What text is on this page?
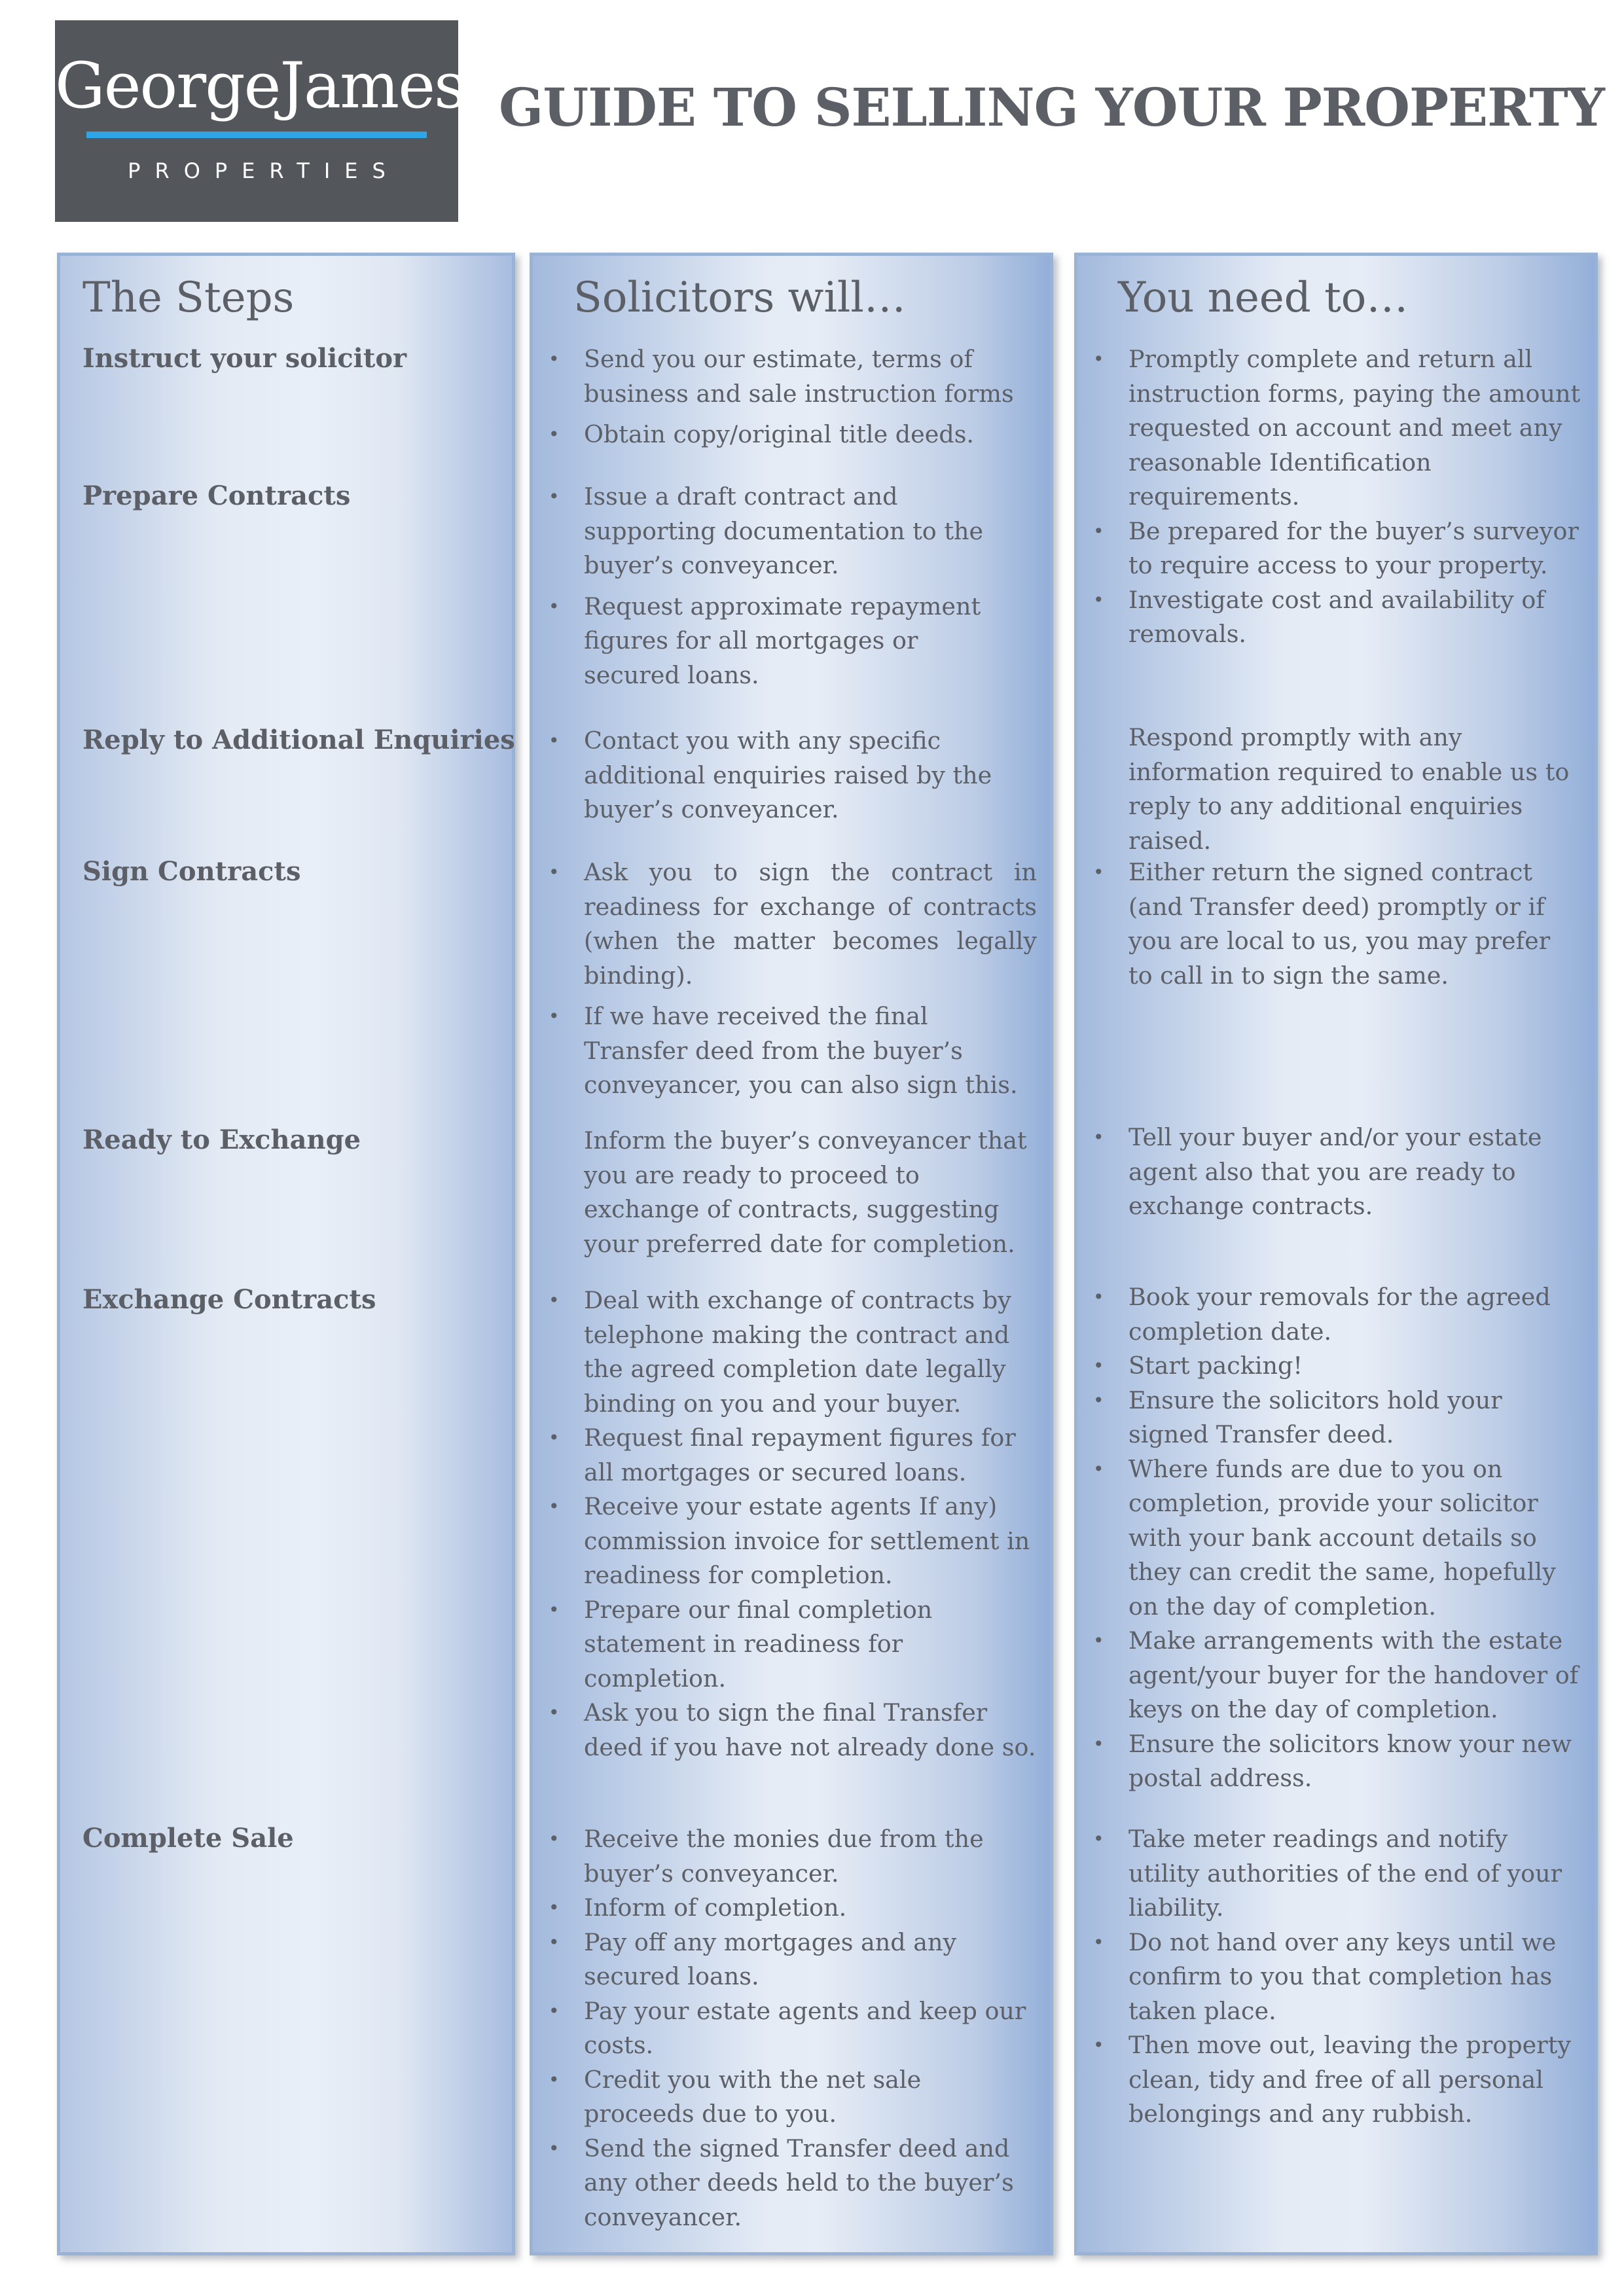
GeorgeJames
PROPERTIES
GUIDE TO SELLING YOUR PROPERTY
The Steps
Instruct your solicitor
Prepare Contracts
Reply to Additional Enquiries
Sign Contracts
Ready to Exchange
Exchange Contracts
Complete Sale
Solicitors will…
• Send you our estimate, terms of business and sale instruction forms
• Obtain copy/original title deeds.
• Issue a draft contract and supporting documentation to the buyer’s conveyancer.
• Request approximate repayment figures for all mortgages or secured loans.
• Contact you with any specific additional enquiries raised by the buyer’s conveyancer.
• Ask you to sign the contract in readiness for exchange of contracts (when the matter becomes legally binding).
• If we have received the final Transfer deed from the buyer’s conveyancer, you can also sign this.

Inform the buyer’s conveyancer that you are ready to proceed to exchange of contracts, suggesting your preferred date for completion.

• Deal with exchange of contracts by telephone making the contract and the agreed completion date legally binding on you and your buyer.
• Request final repayment figures for all mortgages or secured loans.
• Receive your estate agents If any) commission invoice for settlement in readiness for completion.
• Prepare our final completion statement in readiness for completion.
• Ask you to sign the final Transfer deed if you have not already done so.
• Receive the monies due from the buyer’s conveyancer.
• Inform of completion.
• Pay off any mortgages and any secured loans.
• Pay your estate agents and keep our costs.
• Credit you with the net sale proceeds due to you.
• Send the signed Transfer deed and any other deeds held to the buyer’s conveyancer.
You need to…
• Promptly complete and return all instruction forms, paying the amount requested on account and meet any reasonable Identification requirements.
• Be prepared for the buyer’s surveyor to require access to your property.
• Investigate cost and availability of removals.

Respond promptly with any information required to enable us to reply to any additional enquiries raised.

• Either return the signed contract (and Transfer deed) promptly or if you are local to us, you may prefer to call in to sign the same.
• Tell your buyer and/or your estate agent also that you are ready to exchange contracts.
• Book your removals for the agreed completion date.
• Start packing!
• Ensure the solicitors hold your signed Transfer deed.
• Where funds are due to you on completion, provide your solicitor with your bank account details so they can credit the same, hopefully on the day of completion.
• Make arrangements with the estate agent/your buyer for the handover of keys on the day of completion.
• Ensure the solicitors know your new postal address.
• Take meter readings and notify utility authorities of the end of your liability.
• Do not hand over any keys until we confirm to you that completion has taken place.
• Then move out, leaving the property clean, tidy and free of all personal belongings and any rubbish.
